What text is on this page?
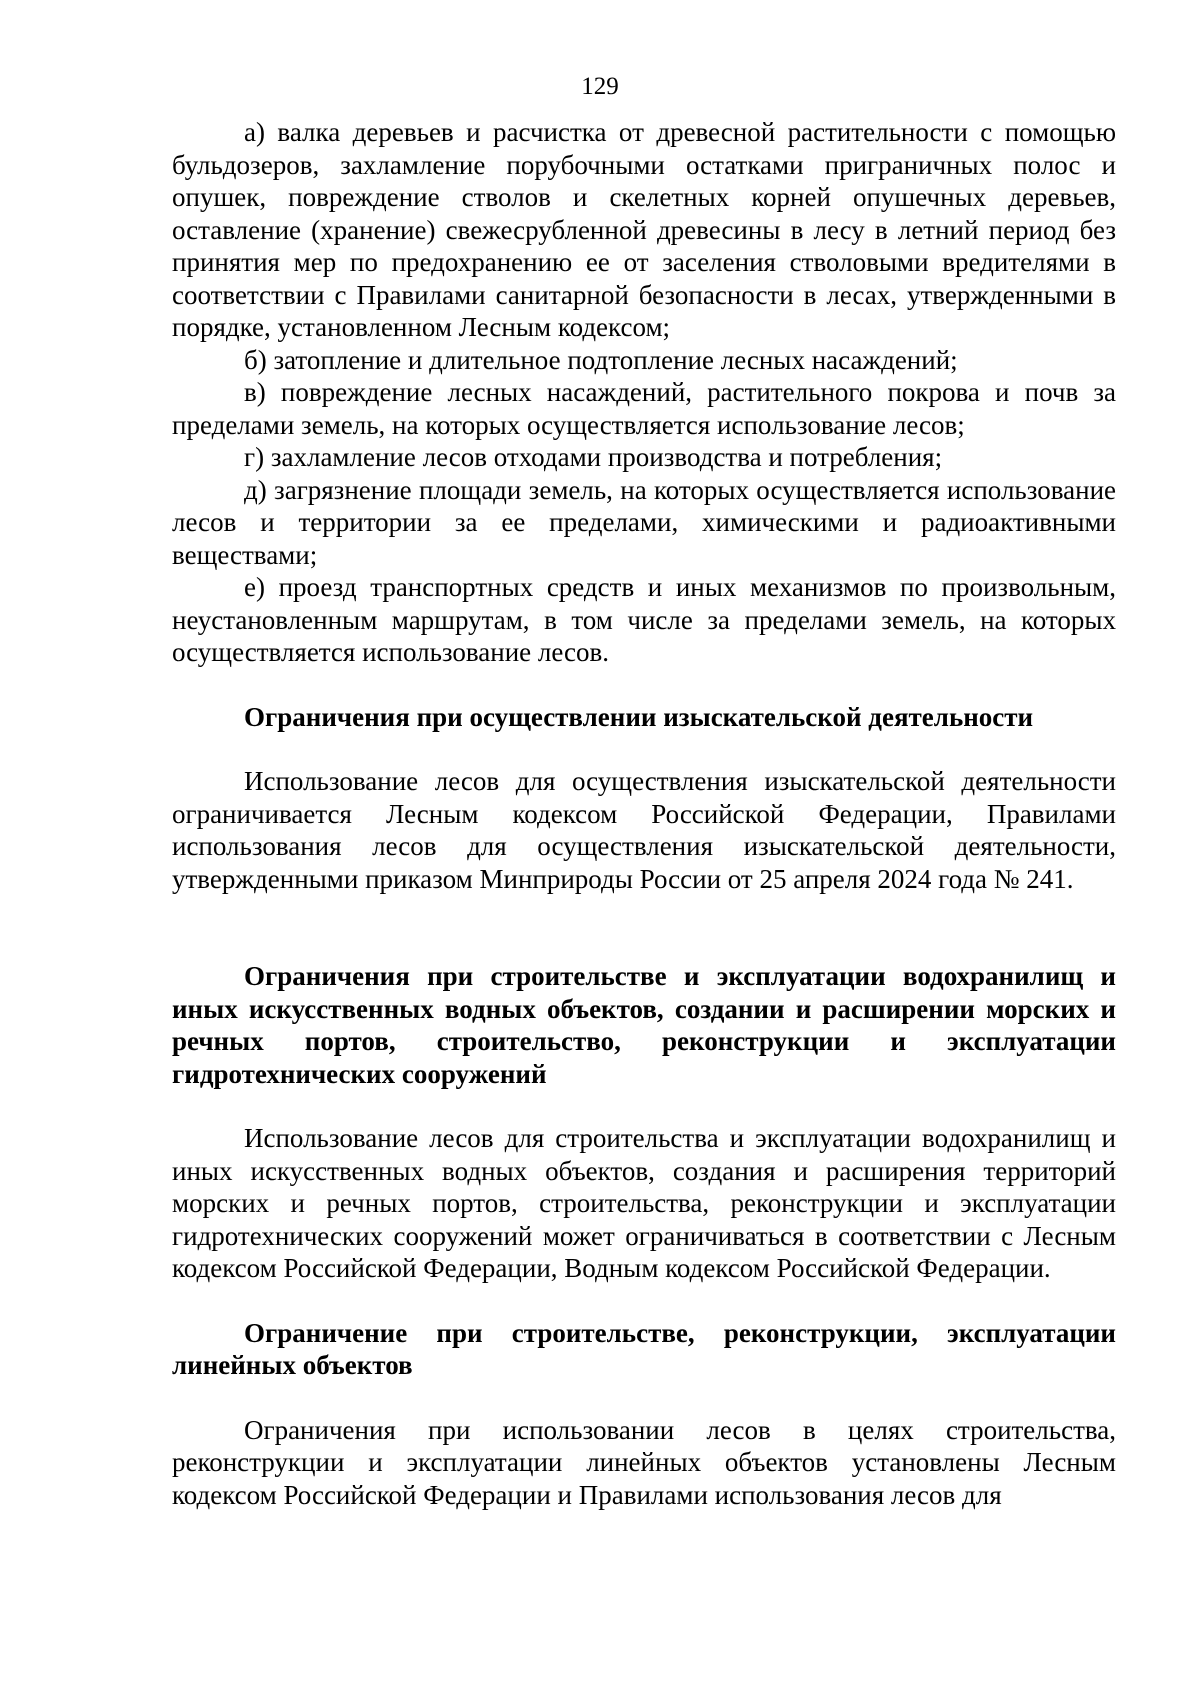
129

а) валка деревьев и расчистка от древесной растительности с помощью бульдозеров, захламление порубочными остатками приграничных полос и опушек, повреждение стволов и скелетных корней опушечных деревьев, оставление (хранение) свежесрубленной древесины в лесу в летний период без принятия мер по предохранению ее от заселения стволовыми вредителями в соответствии с Правилами санитарной безопасности в лесах, утвержденными в порядке, установленном Лесным кодексом;

б) затопление и длительное подтопление лесных насаждений;

в) повреждение лесных насаждений, растительного покрова и почв за пределами земель, на которых осуществляется использование лесов;

г) захламление лесов отходами производства и потребления;

д) загрязнение площади земель, на которых осуществляется использование лесов и территории за ее пределами, химическими и радиоактивными веществами;

е) проезд транспортных средств и иных механизмов по произвольным, неустановленным маршрутам, в том числе за пределами земель, на которых осуществляется использование лесов.

Ограничения при осуществлении изыскательской деятельности

Использование лесов для осуществления изыскательской деятельности ограничивается Лесным кодексом Российской Федерации, Правилами использования лесов для осуществления изыскательской деятельности, утвержденными приказом Минприроды России от 25 апреля 2024 года № 241.

Ограничения при строительстве и эксплуатации водохранилищ и иных искусственных водных объектов, создании и расширении морских и речных портов, строительство, реконструкции и эксплуатации гидротехнических сооружений

Использование лесов для строительства и эксплуатации водохранилищ и иных искусственных водных объектов, создания и расширения территорий морских и речных портов, строительства, реконструкции и эксплуатации гидротехнических сооружений может ограничиваться в соответствии с Лесным кодексом Российской Федерации, Водным кодексом Российской Федерации.

Ограничение при строительстве, реконструкции, эксплуатации линейных объектов

Ограничения при использовании лесов в целях строительства, реконструкции и эксплуатации линейных объектов установлены Лесным кодексом Российской Федерации и Правилами использования лесов для
